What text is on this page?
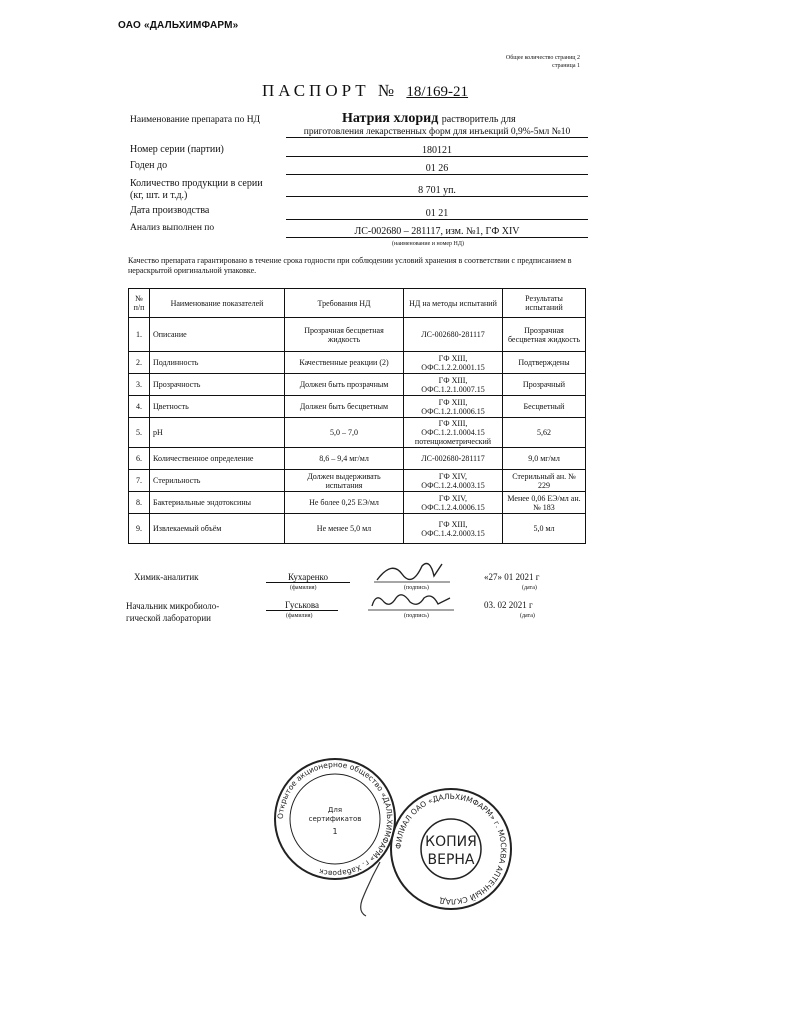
ОАО «ДАЛЬХИМФАРМ»
Общее количество страниц 2
страница 1
ПАСПОРТ № 18/169-21
Наименование препарата по НД	Натрия хлорид растворитель для
приготовления лекарственных форм для инъекций 0,9%-5мл №10
Номер серии (партии)	180121
Годен до	01 26
Количество продукции в серии
(кг, шт. и т.д.)	8 701 уп.
Дата производства	01 21
Анализ выполнен по	ЛС-002680 – 281117, изм. №1, ГФ XIV
(наименование и номер НД)
Качество препарата гарантировано в течение срока годности при соблюдении условий хранения в соответствии с предписанием в нераскрытой оригинальной упаковке.
№ п/п	Наименование показателей	Требования НД	НД на методы испытаний	Результаты испытаний
1.	Описание	Прозрачная бесцветная жидкость	ЛС-002680-281117	Прозрачная бесцветная жидкость
2.	Подлинность	Качественные реакции (2)	ГФ XIII, ОФС.1.2.2.0001.15	Подтверждены
3.	Прозрачность	Должен быть прозрачным	ГФ XIII, ОФС.1.2.1.0007.15	Прозрачный
4.	Цветность	Должен быть бесцветным	ГФ XIII, ОФС.1.2.1.0006.15	Бесцветный
5.	pH	5,0 – 7,0	ГФ XIII, ОФС.1.2.1.0004.15 потенциометрический	5,62
6.	Количественное определение	8,6 – 9,4 мг/мл	ЛС-002680-281117	9,0 мг/мл
7.	Стерильность	Должен выдерживать испытания	ГФ XIV, ОФС.1.2.4.0003.15	Стерильный ан. № 229
8.	Бактериальные эндотоксины	Не более 0,25 ЕЭ/мл	ГФ XIV, ОФС.1.2.4.0006.15	Менее 0,06 ЕЭ/мл ан. № 183
9.	Извлекаемый объём	Не менее 5,0 мл	ГФ XIII, ОФС.1.4.2.0003.15	5,0 мл
Химик-аналитик	Кухаренко
(фамилия)	(подпись)
«27» 01 2021 г
(дата)
Начальник микробиоло-
гической лаборатории
Гуськова
(фамилия)	(подпись)
03. 02 2021 г
(дата)
Открытое акционерное общество «ДАЛЬХИМФАРМ» г. Хабаровск
Для
сертификатов
1
ФИЛИАЛ ОАО «ДАЛЬХИМФАРМ» г. МОСКВА АПТЕЧНЫЙ СКЛАД
КОПИЯ
ВЕРНА
